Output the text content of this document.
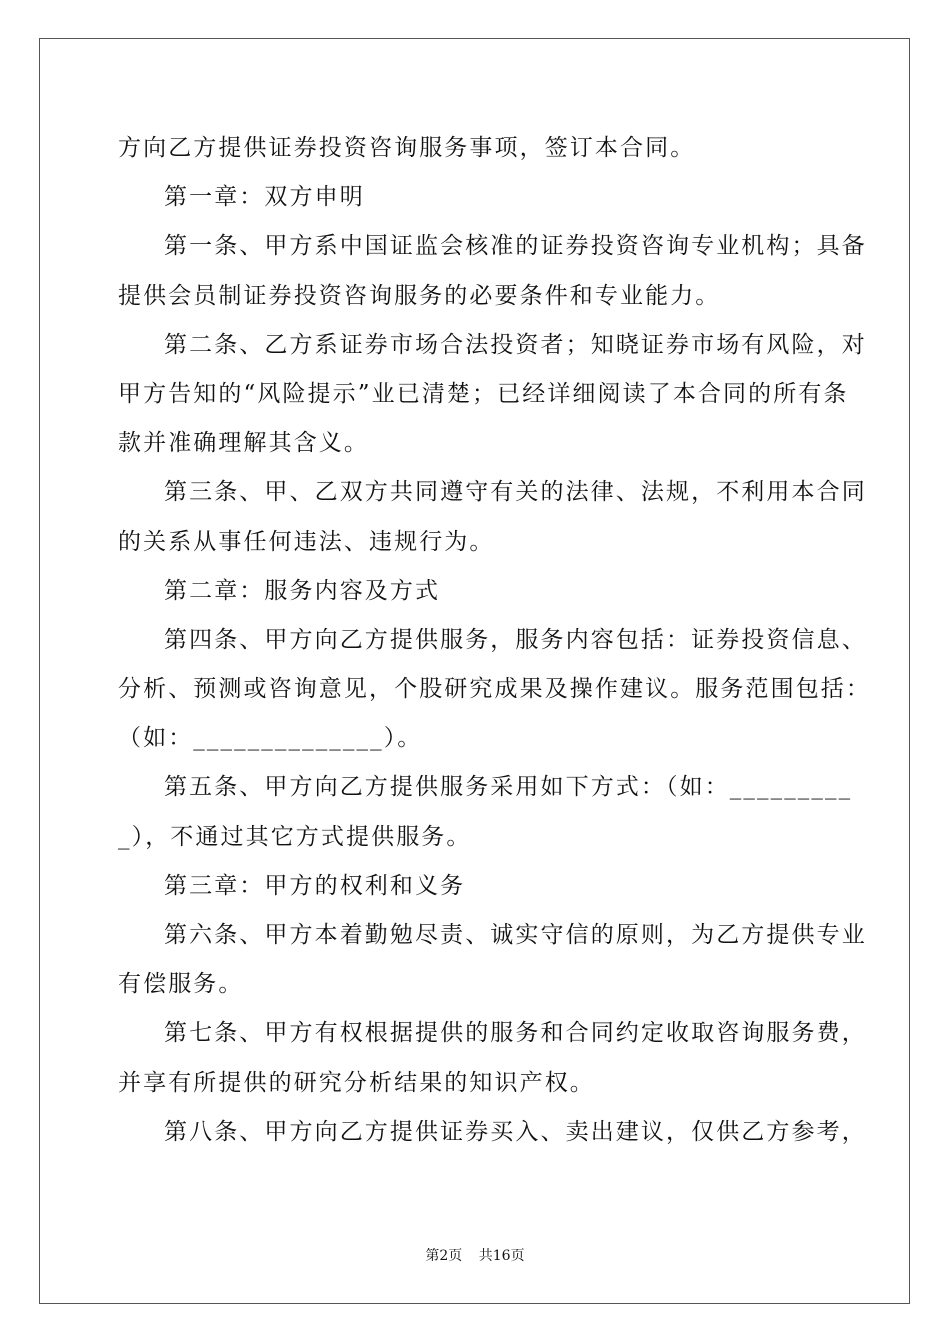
方向乙方提供证券投资咨询服务事项，签订本合同。
第一章：双方申明
第一条、甲方系中国证监会核准的证券投资咨询专业机构；具备
提供会员制证券投资咨询服务的必要条件和专业能力。
第二条、乙方系证券市场合法投资者；知晓证券市场有风险，对
甲方告知的“风险提示”业已清楚；已经详细阅读了本合同的所有条
款并准确理解其含义。
第三条、甲、乙双方共同遵守有关的法律、法规，不利用本合同
的关系从事任何违法、违规行为。
第二章：服务内容及方式
第四条、甲方向乙方提供服务，服务内容包括：证券投资信息、
分析、预测或咨询意见，个股研究成果及操作建议。服务范围包括：
（如：______________）。
第五条、甲方向乙方提供服务采用如下方式：（如：_________
_），不通过其它方式提供服务。
第三章：甲方的权利和义务
第六条、甲方本着勤勉尽责、诚实守信的原则，为乙方提供专业
有偿服务。
第七条、甲方有权根据提供的服务和合同约定收取咨询服务费，
并享有所提供的研究分析结果的知识产权。
第八条、甲方向乙方提供证券买入、卖出建议，仅供乙方参考，
第2页 共16页
